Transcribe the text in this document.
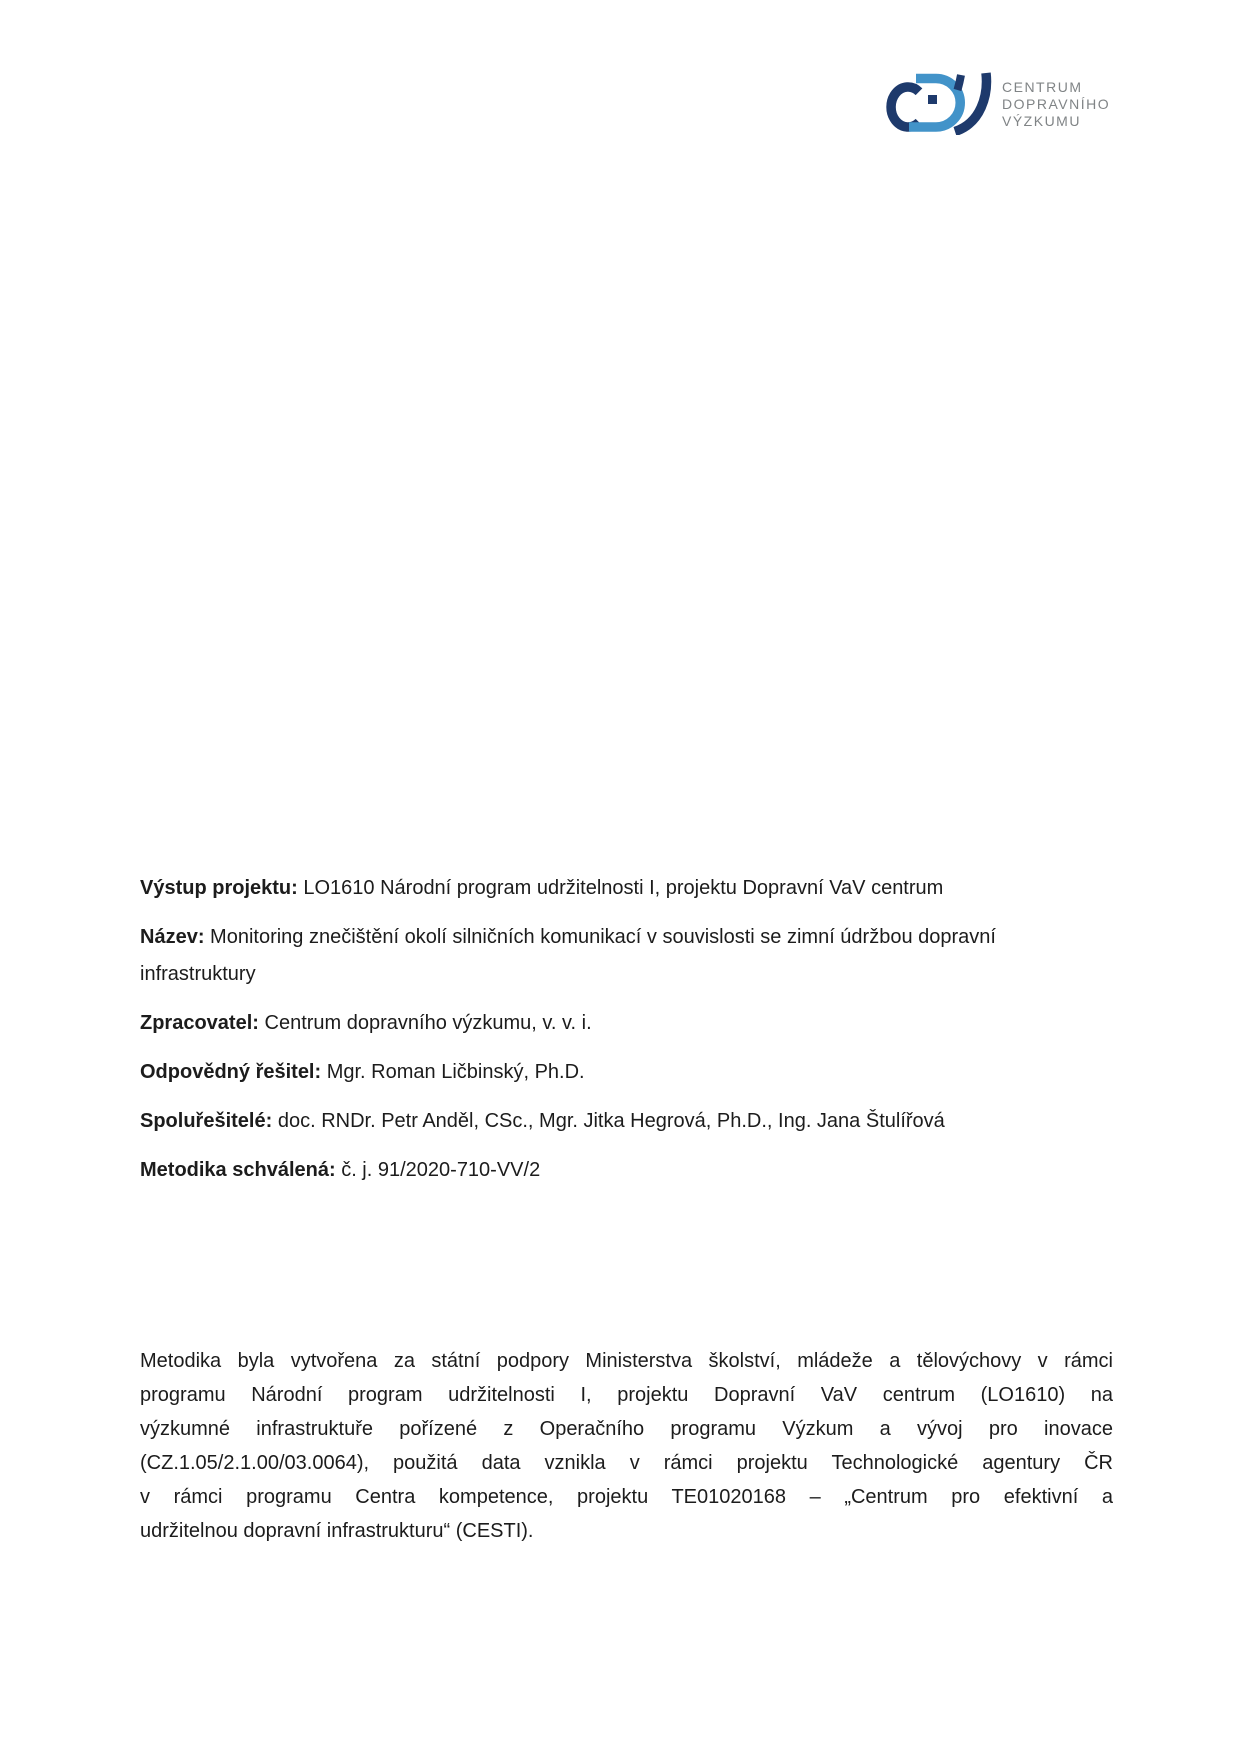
CENTRUM
DOPRAVNÍHO
VÝZKUMU

Výstup projektu: LO1610 Národní program udržitelnosti I, projektu Dopravní VaV centrum

Název: Monitoring znečištění okolí silničních komunikací v souvislosti se zimní údržbou dopravní infrastruktury

Zpracovatel: Centrum dopravního výzkumu, v. v. i.

Odpovědný řešitel: Mgr. Roman Ličbinský, Ph.D.

Spoluřešitelé: doc. RNDr. Petr Anděl, CSc., Mgr. Jitka Hegrová, Ph.D., Ing. Jana Štulířová

Metodika schválená: č. j. 91/2020-710-VV/2

Metodika byla vytvořena za státní podpory Ministerstva školství, mládeže a tělovýchovy v rámci
programu Národní program udržitelnosti I, projektu Dopravní VaV centrum (LO1610) na
výzkumné infrastruktuře pořízené z Operačního programu Výzkum a vývoj pro inovace
(CZ.1.05/2.1.00/03.0064), použitá data vznikla v rámci projektu Technologické agentury ČR
v rámci programu Centra kompetence, projektu TE01020168 – „Centrum pro efektivní a
udržitelnou dopravní infrastrukturu“ (CESTI).
